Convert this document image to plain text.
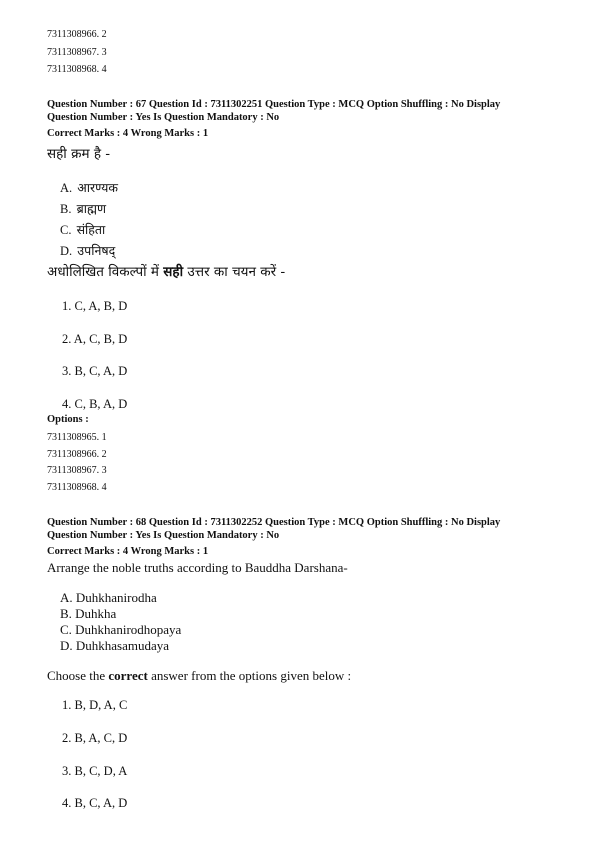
7311308966. 2
7311308967. 3
7311308968. 4
Question Number : 67 Question Id : 7311302251 Question Type : MCQ Option Shuffling : No Display
Question Number : Yes Is Question Mandatory : No
Correct Marks : 4 Wrong Marks : 1
सही क्रम है -
A. आरण्यक
B. ब्राह्मण
C. संहिता
D. उपनिषद्
अधोलिखित विकल्पों में सही उत्तर का चयन करें -
1. C, A, B, D
2. A, C, B, D
3. B, C, A, D
4. C, B, A, D
Options :
7311308965. 1
7311308966. 2
7311308967. 3
7311308968. 4
Question Number : 68 Question Id : 7311302252 Question Type : MCQ Option Shuffling : No Display
Question Number : Yes Is Question Mandatory : No
Correct Marks : 4 Wrong Marks : 1
Arrange the noble truths according to Bauddha Darshana-
A. Duhkhanirodha
B. Duhkha
C. Duhkhanirodhopaya
D. Duhkhasamudaya
Choose the correct answer from the options given below :
1. B, D, A, C
2. B, A, C, D
3. B, C, D, A
4. B, C, A, D
